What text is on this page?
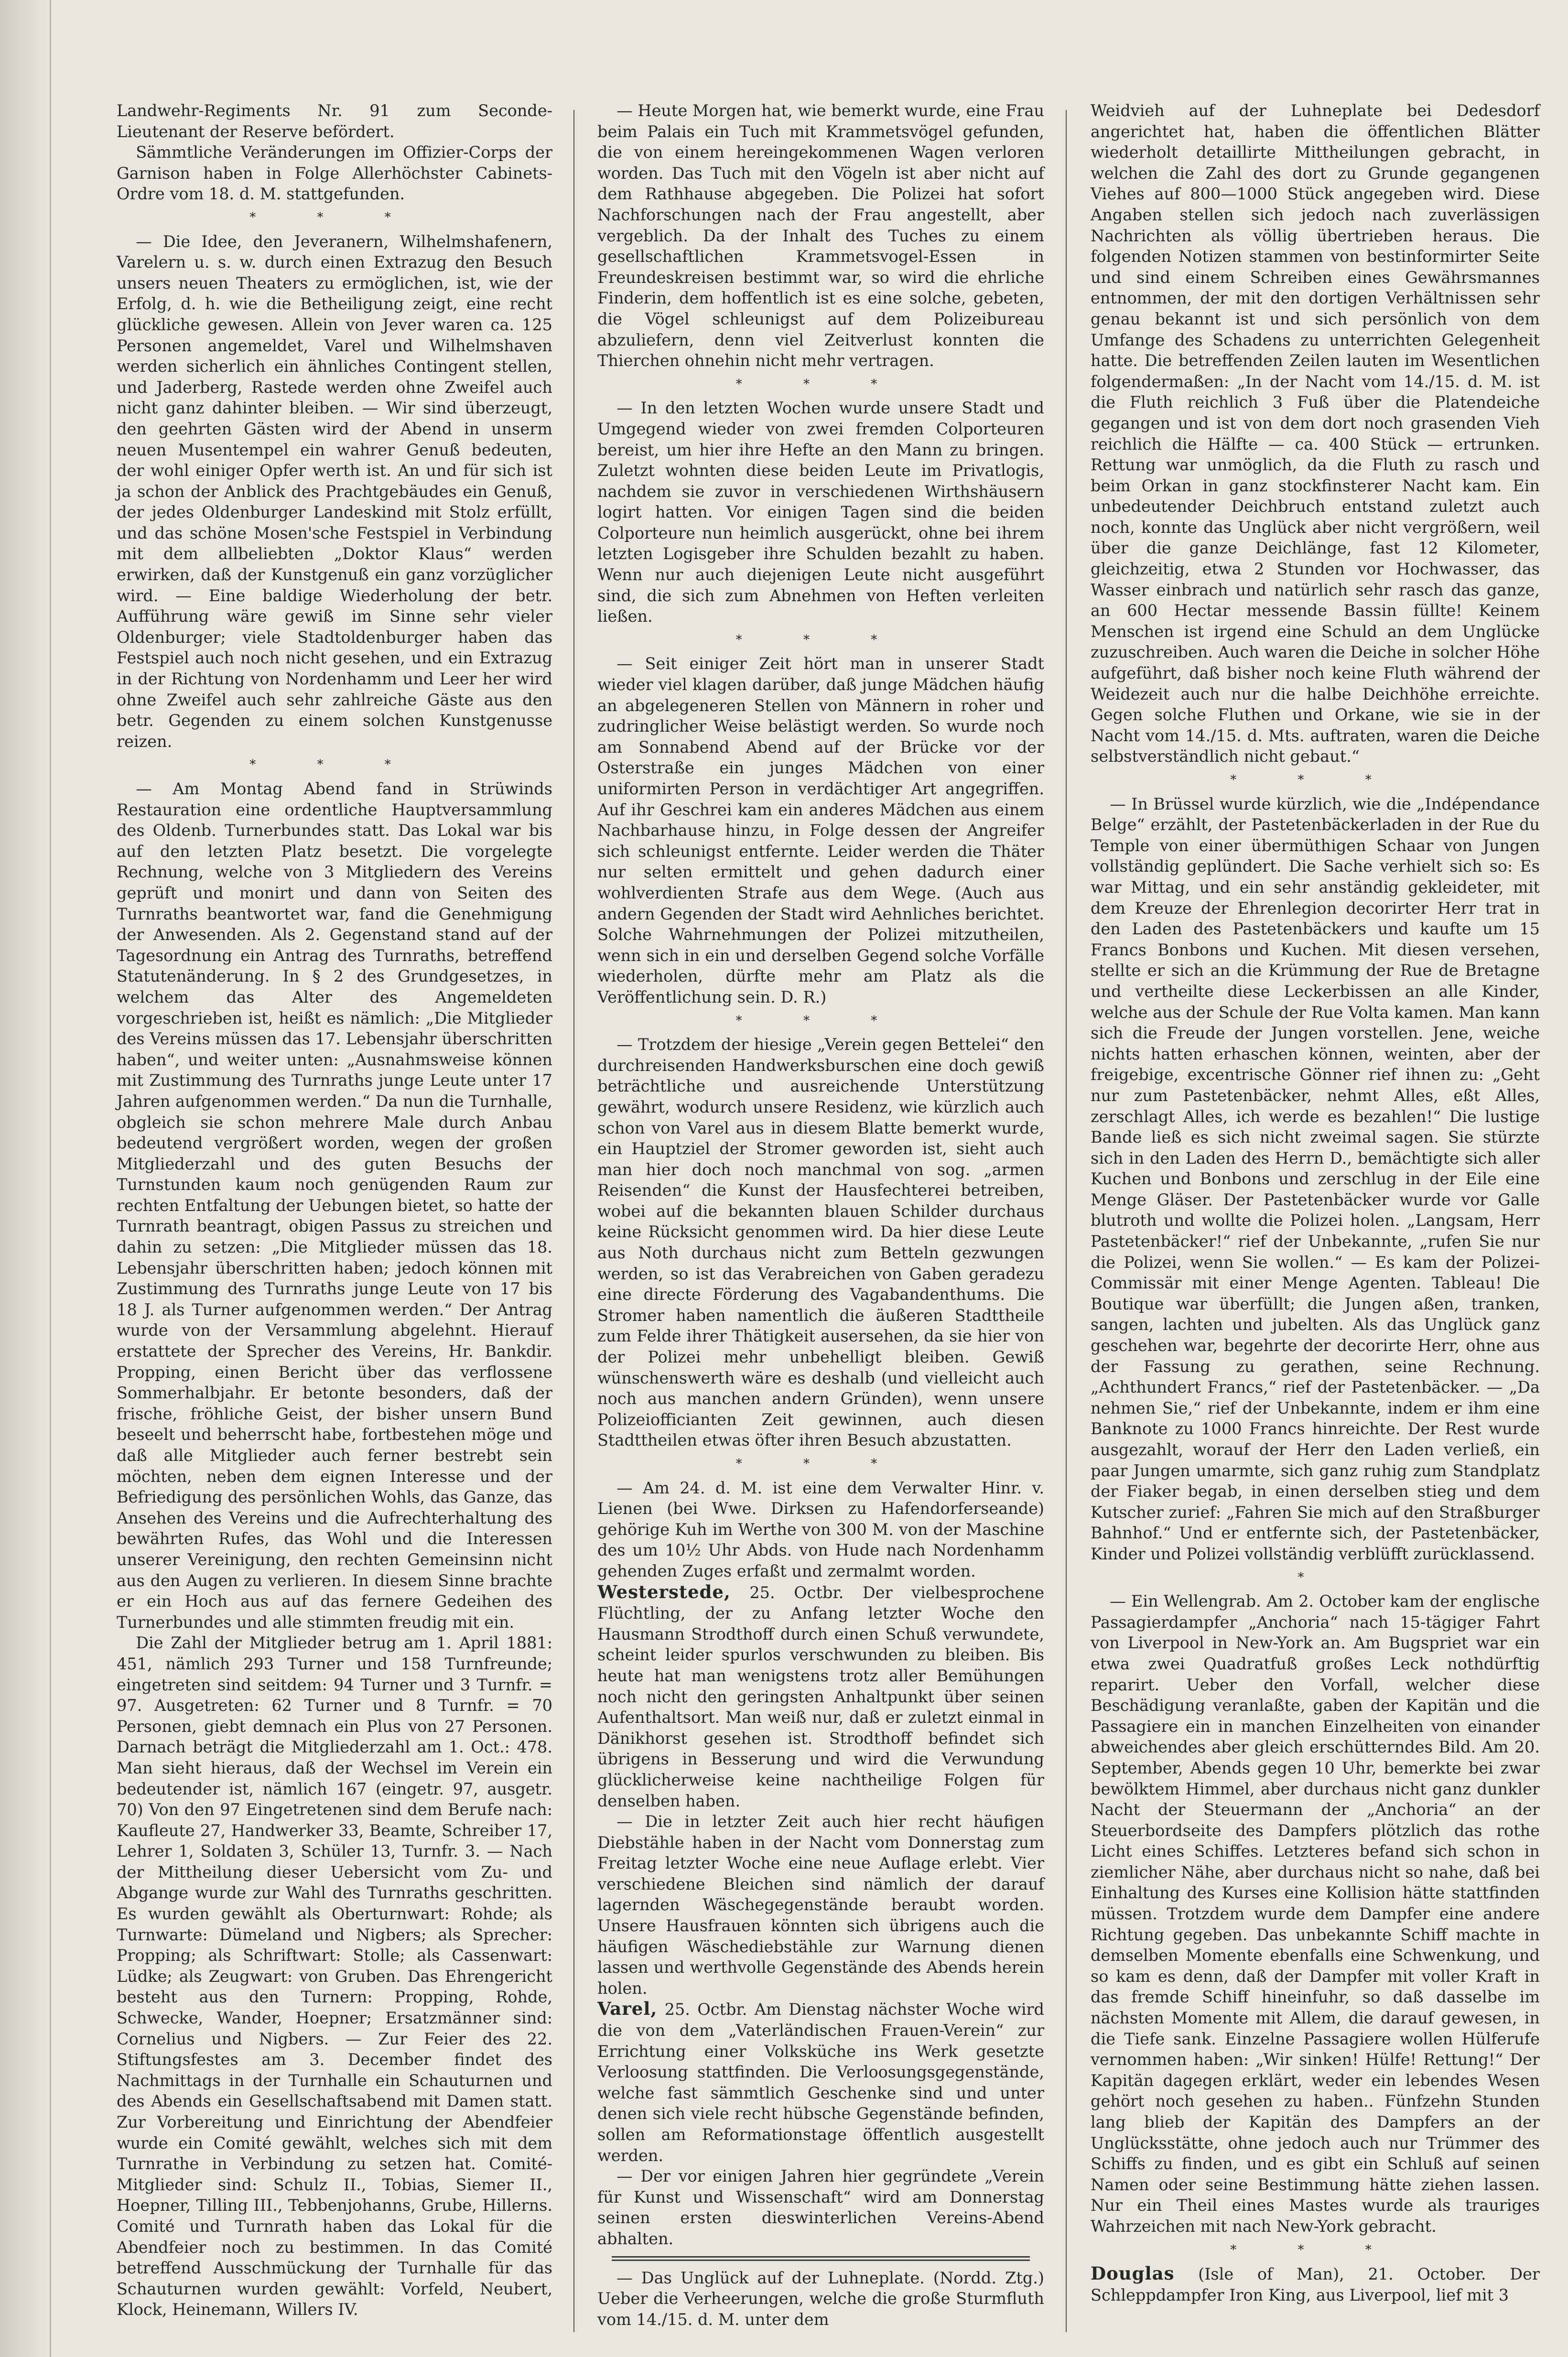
Landwehr-Regiments Nr. 91 zum Seconde-Lieutenant der Reserve befördert.

Sämmtliche Veränderungen im Offizier-Corps der Garnison haben in Folge Allerhöchster Cabinets-Ordre vom 18. d. M. stattgefunden.

* * *

— Die Idee, den Jeveranern, Wilhelmshafenern, Varelern u. s. w. durch einen Extrazug den Besuch unsers neuen Theaters zu ermöglichen, ist, wie der Erfolg, d. h. wie die Betheiligung zeigt, eine recht glückliche gewesen. Allein von Jever waren ca. 125 Personen angemeldet, Varel und Wilhelmshaven werden sicherlich ein ähnliches Contingent stellen, und Jaderberg, Rastede werden ohne Zweifel auch nicht ganz dahinter bleiben. — Wir sind überzeugt, den geehrten Gästen wird der Abend in unserm neuen Musentempel ein wahrer Genuß bedeuten, der wohl einiger Opfer werth ist. An und für sich ist ja schon der Anblick des Prachtgebäudes ein Genuß, der jedes Oldenburger Landeskind mit Stolz erfüllt, und das schöne Mosen'sche Festspiel in Verbindung mit dem allbeliebten „Doktor Klaus“ werden erwirken, daß der Kunstgenuß ein ganz vorzüglicher wird. — Eine baldige Wiederholung der betr. Aufführung wäre gewiß im Sinne sehr vieler Oldenburger; viele Stadtoldenburger haben das Festspiel auch noch nicht gesehen, und ein Extrazug in der Richtung von Nordenhamm und Leer her wird ohne Zweifel auch sehr zahlreiche Gäste aus den betr. Gegenden zu einem solchen Kunstgenusse reizen.

* * *

— Am Montag Abend fand in Strüwinds Restauration eine ordentliche Hauptversammlung des Oldenb. Turnerbundes statt. Das Lokal war bis auf den letzten Platz besetzt. Die vorgelegte Rechnung, welche von 3 Mitgliedern des Vereins geprüft und monirt und dann von Seiten des Turnraths beantwortet war, fand die Genehmigung der Anwesenden. Als 2. Gegenstand stand auf der Tagesordnung ein Antrag des Turnraths, betreffend Statutenänderung. In § 2 des Grundgesetzes, in welchem das Alter des Angemeldeten vorgeschrieben ist, heißt es nämlich: „Die Mitglieder des Vereins müssen das 17. Lebensjahr überschritten haben“, und weiter unten: „Ausnahmsweise können mit Zustimmung des Turnraths junge Leute unter 17 Jahren aufgenommen werden.“ Da nun die Turnhalle, obgleich sie schon mehrere Male durch Anbau bedeutend vergrößert worden, wegen der großen Mitgliederzahl und des guten Besuchs der Turnstunden kaum noch genügenden Raum zur rechten Entfaltung der Uebungen bietet, so hatte der Turnrath beantragt, obigen Passus zu streichen und dahin zu setzen: „Die Mitglieder müssen das 18. Lebensjahr überschritten haben; jedoch können mit Zustimmung des Turnraths junge Leute von 17 bis 18 J. als Turner aufgenommen werden.“ Der Antrag wurde von der Versammlung abgelehnt. Hierauf erstattete der Sprecher des Vereins, Hr. Bankdir. Propping, einen Bericht über das verflossene Sommerhalbjahr. Er betonte besonders, daß der frische, fröhliche Geist, der bisher unsern Bund beseelt und beherrscht habe, fortbestehen möge und daß alle Mitglieder auch ferner bestrebt sein möchten, neben dem eignen Interesse und der Befriedigung des persönlichen Wohls, das Ganze, das Ansehen des Vereins und die Aufrechterhaltung des bewährten Rufes, das Wohl und die Interessen unserer Vereinigung, den rechten Gemeinsinn nicht aus den Augen zu verlieren. In diesem Sinne brachte er ein Hoch aus auf das fernere Gedeihen des Turnerbundes und alle stimmten freudig mit ein.

Die Zahl der Mitglieder betrug am 1. April 1881: 451, nämlich 293 Turner und 158 Turnfreunde; eingetreten sind seitdem: 94 Turner und 3 Turnfr. = 97. Ausgetreten: 62 Turner und 8 Turnfr. = 70 Personen, giebt demnach ein Plus von 27 Personen. Darnach beträgt die Mitgliederzahl am 1. Oct.: 478. Man sieht hieraus, daß der Wechsel im Verein ein bedeutender ist, nämlich 167 (eingetr. 97, ausgetr. 70) Von den 97 Eingetretenen sind dem Berufe nach: Kaufleute 27, Handwerker 33, Beamte, Schreiber 17, Lehrer 1, Soldaten 3, Schüler 13, Turnfr. 3. — Nach der Mittheilung dieser Uebersicht vom Zu- und Abgange wurde zur Wahl des Turnraths geschritten. Es wurden gewählt als Oberturnwart: Rohde; als Turnwarte: Dümeland und Nigbers; als Sprecher: Propping; als Schriftwart: Stolle; als Cassenwart: Lüdke; als Zeugwart: von Gruben. Das Ehrengericht besteht aus den Turnern: Propping, Rohde, Schwecke, Wander, Hoepner; Ersatzmänner sind: Cornelius und Nigbers. — Zur Feier des 22. Stiftungsfestes am 3. December findet des Nachmittags in der Turnhalle ein Schauturnen und des Abends ein Gesellschaftsabend mit Damen statt. Zur Vorbereitung und Einrichtung der Abendfeier wurde ein Comité gewählt, welches sich mit dem Turnrathe in Verbindung zu setzen hat. Comité-Mitglieder sind: Schulz II., Tobias, Siemer II., Hoepner, Tilling III., Tebbenjohanns, Grube, Hillerns. Comité und Turnrath haben das Lokal für die Abendfeier noch zu bestimmen. In das Comité betreffend Ausschmückung der Turnhalle für das Schauturnen wurden gewählt: Vorfeld, Neubert, Klock, Heinemann, Willers IV.

— Heute Morgen hat, wie bemerkt wurde, eine Frau beim Palais ein Tuch mit Krammetsvögel gefunden, die von einem hereingekommenen Wagen verloren worden. Das Tuch mit den Vögeln ist aber nicht auf dem Rathhause abgegeben. Die Polizei hat sofort Nachforschungen nach der Frau angestellt, aber vergeblich. Da der Inhalt des Tuches zu einem gesellschaftlichen Krammetsvogel-Essen in Freundeskreisen bestimmt war, so wird die ehrliche Finderin, dem hoffentlich ist es eine solche, gebeten, die Vögel schleunigst auf dem Polizeibureau abzuliefern, denn viel Zeitverlust konnten die Thierchen ohnehin nicht mehr vertragen.

* * *

— In den letzten Wochen wurde unsere Stadt und Umgegend wieder von zwei fremden Colporteuren bereist, um hier ihre Hefte an den Mann zu bringen. Zuletzt wohnten diese beiden Leute im Privatlogis, nachdem sie zuvor in verschiedenen Wirthshäusern logirt hatten. Vor einigen Tagen sind die beiden Colporteure nun heimlich ausgerückt, ohne bei ihrem letzten Logisgeber ihre Schulden bezahlt zu haben. Wenn nur auch diejenigen Leute nicht ausgeführt sind, die sich zum Abnehmen von Heften verleiten ließen.

* * *

— Seit einiger Zeit hört man in unserer Stadt wieder viel klagen darüber, daß junge Mädchen häufig an abgelegeneren Stellen von Männern in roher und zudringlicher Weise belästigt werden. So wurde noch am Sonnabend Abend auf der Brücke vor der Osterstraße ein junges Mädchen von einer uniformirten Person in verdächtiger Art angegriffen. Auf ihr Geschrei kam ein anderes Mädchen aus einem Nachbarhause hinzu, in Folge dessen der Angreifer sich schleunigst entfernte. Leider werden die Thäter nur selten ermittelt und gehen dadurch einer wohlverdienten Strafe aus dem Wege. (Auch aus andern Gegenden der Stadt wird Aehnliches berichtet. Solche Wahrnehmungen der Polizei mitzutheilen, wenn sich in ein und derselben Gegend solche Vorfälle wiederholen, dürfte mehr am Platz als die Veröffentlichung sein. D. R.)

* * *

— Trotzdem der hiesige „Verein gegen Bettelei“ den durchreisenden Handwerksburschen eine doch gewiß beträchtliche und ausreichende Unterstützung gewährt, wodurch unsere Residenz, wie kürzlich auch schon von Varel aus in diesem Blatte bemerkt wurde, ein Hauptziel der Stromer geworden ist, sieht auch man hier doch noch manchmal von sog. „armen Reisenden“ die Kunst der Hausfechterei betreiben, wobei auf die bekannten blauen Schilder durchaus keine Rücksicht genommen wird. Da hier diese Leute aus Noth durchaus nicht zum Betteln gezwungen werden, so ist das Verabreichen von Gaben geradezu eine directe Förderung des Vagabandenthums. Die Stromer haben namentlich die äußeren Stadttheile zum Felde ihrer Thätigkeit ausersehen, da sie hier von der Polizei mehr unbehelligt bleiben. Gewiß wünschenswerth wäre es deshalb (und vielleicht auch noch aus manchen andern Gründen), wenn unsere Polizeiofficianten Zeit gewinnen, auch diesen Stadttheilen etwas öfter ihren Besuch abzustatten.

* * *

— Am 24. d. M. ist eine dem Verwalter Hinr. v. Lienen (bei Wwe. Dirksen zu Hafendorferseande) gehörige Kuh im Werthe von 300 M. von der Maschine des um 10½ Uhr Abds. von Hude nach Nordenhamm gehenden Zuges erfaßt und zermalmt worden.

Westerstede, 25. Octbr. Der vielbesprochene Flüchtling, der zu Anfang letzter Woche den Hausmann Strodthoff durch einen Schuß verwundete, scheint leider spurlos verschwunden zu bleiben. Bis heute hat man wenigstens trotz aller Bemühungen noch nicht den geringsten Anhaltpunkt über seinen Aufenthaltsort. Man weiß nur, daß er zuletzt einmal in Dänikhorst gesehen ist. Strodthoff befindet sich übrigens in Besserung und wird die Verwundung glücklicherweise keine nachtheilige Folgen für denselben haben.

— Die in letzter Zeit auch hier recht häufigen Diebstähle haben in der Nacht vom Donnerstag zum Freitag letzter Woche eine neue Auflage erlebt. Vier verschiedene Bleichen sind nämlich der darauf lagernden Wäschegegenstände beraubt worden. Unsere Hausfrauen könnten sich übrigens auch die häufigen Wäschediebstähle zur Warnung dienen lassen und werthvolle Gegenstände des Abends herein holen.

Varel, 25. Octbr. Am Dienstag nächster Woche wird die von dem „Vaterländischen Frauen-Verein“ zur Errichtung einer Volksküche ins Werk gesetzte Verloosung stattfinden. Die Verloosungsgegenstände, welche fast sämmtlich Geschenke sind und unter denen sich viele recht hübsche Gegenstände befinden, sollen am Reformationstage öffentlich ausgestellt werden.

— Der vor einigen Jahren hier gegründete „Verein für Kunst und Wissenschaft“ wird am Donnerstag seinen ersten dieswinterlichen Vereins-Abend abhalten.

— Das Unglück auf der Luhneplate. (Nordd. Ztg.) Ueber die Verheerungen, welche die große Sturmfluth vom 14./15. d. M. unter dem

Weidvieh auf der Luhneplate bei Dedesdorf angerichtet hat, haben die öffentlichen Blätter wiederholt detaillirte Mittheilungen gebracht, in welchen die Zahl des dort zu Grunde gegangenen Viehes auf 800—1000 Stück angegeben wird. Diese Angaben stellen sich jedoch nach zuverlässigen Nachrichten als völlig übertrieben heraus. Die folgenden Notizen stammen von bestinformirter Seite und sind einem Schreiben eines Gewährsmannes entnommen, der mit den dortigen Verhältnissen sehr genau bekannt ist und sich persönlich von dem Umfange des Schadens zu unterrichten Gelegenheit hatte. Die betreffenden Zeilen lauten im Wesentlichen folgendermaßen: „In der Nacht vom 14./15. d. M. ist die Fluth reichlich 3 Fuß über die Platendeiche gegangen und ist von dem dort noch grasenden Vieh reichlich die Hälfte — ca. 400 Stück — ertrunken. Rettung war unmöglich, da die Fluth zu rasch und beim Orkan in ganz stockfinsterer Nacht kam. Ein unbedeutender Deichbruch entstand zuletzt auch noch, konnte das Unglück aber nicht vergrößern, weil über die ganze Deichlänge, fast 12 Kilometer, gleichzeitig, etwa 2 Stunden vor Hochwasser, das Wasser einbrach und natürlich sehr rasch das ganze, an 600 Hectar messende Bassin füllte! Keinem Menschen ist irgend eine Schuld an dem Unglücke zuzuschreiben. Auch waren die Deiche in solcher Höhe aufgeführt, daß bisher noch keine Fluth während der Weidezeit auch nur die halbe Deichhöhe erreichte. Gegen solche Fluthen und Orkane, wie sie in der Nacht vom 14./15. d. Mts. auftraten, waren die Deiche selbstverständlich nicht gebaut.“

* * *

— In Brüssel wurde kürzlich, wie die „Indépendance Belge“ erzählt, der Pastetenbäckerladen in der Rue du Temple von einer übermüthigen Schaar von Jungen vollständig geplündert. Die Sache verhielt sich so: Es war Mittag, und ein sehr anständig gekleideter, mit dem Kreuze der Ehrenlegion decorirter Herr trat in den Laden des Pastetenbäckers und kaufte um 15 Francs Bonbons und Kuchen. Mit diesen versehen, stellte er sich an die Krümmung der Rue de Bretagne und vertheilte diese Leckerbissen an alle Kinder, welche aus der Schule der Rue Volta kamen. Man kann sich die Freude der Jungen vorstellen. Jene, weiche nichts hatten erhaschen können, weinten, aber der freigebige, excentrische Gönner rief ihnen zu: „Geht nur zum Pastetenbäcker, nehmt Alles, eßt Alles, zerschlagt Alles, ich werde es bezahlen!“ Die lustige Bande ließ es sich nicht zweimal sagen. Sie stürzte sich in den Laden des Herrn D., bemächtigte sich aller Kuchen und Bonbons und zerschlug in der Eile eine Menge Gläser. Der Pastetenbäcker wurde vor Galle blutroth und wollte die Polizei holen. „Langsam, Herr Pastetenbäcker!“ rief der Unbekannte, „rufen Sie nur die Polizei, wenn Sie wollen.“ — Es kam der Polizei-Commissär mit einer Menge Agenten. Tableau! Die Boutique war überfüllt; die Jungen aßen, tranken, sangen, lachten und jubelten. Als das Unglück ganz geschehen war, begehrte der decorirte Herr, ohne aus der Fassung zu gerathen, seine Rechnung. „Achthundert Francs,“ rief der Pastetenbäcker. — „Da nehmen Sie,“ rief der Unbekannte, indem er ihm eine Banknote zu 1000 Francs hinreichte. Der Rest wurde ausgezahlt, worauf der Herr den Laden verließ, ein paar Jungen umarmte, sich ganz ruhig zum Standplatz der Fiaker begab, in einen derselben stieg und dem Kutscher zurief: „Fahren Sie mich auf den Straßburger Bahnhof.“ Und er entfernte sich, der Pastetenbäcker, Kinder und Polizei vollständig verblüfft zurücklassend.

*

— Ein Wellengrab. Am 2. October kam der englische Passagierdampfer „Anchoria“ nach 15-tägiger Fahrt von Liverpool in New-York an. Am Bugspriet war ein etwa zwei Quadratfuß großes Leck nothdürftig reparirt. Ueber den Vorfall, welcher diese Beschädigung veranlaßte, gaben der Kapitän und die Passagiere ein in manchen Einzelheiten von einander abweichendes aber gleich erschütterndes Bild. Am 20. September, Abends gegen 10 Uhr, bemerkte bei zwar bewölktem Himmel, aber durchaus nicht ganz dunkler Nacht der Steuermann der „Anchoria“ an der Steuerbordseite des Dampfers plötzlich das rothe Licht eines Schiffes. Letzteres befand sich schon in ziemlicher Nähe, aber durchaus nicht so nahe, daß bei Einhaltung des Kurses eine Kollision hätte stattfinden müssen. Trotzdem wurde dem Dampfer eine andere Richtung gegeben. Das unbekannte Schiff machte in demselben Momente ebenfalls eine Schwenkung, und so kam es denn, daß der Dampfer mit voller Kraft in das fremde Schiff hineinfuhr, so daß dasselbe im nächsten Momente mit Allem, die darauf gewesen, in die Tiefe sank. Einzelne Passagiere wollen Hülferufe vernommen haben: „Wir sinken! Hülfe! Rettung!“ Der Kapitän dagegen erklärt, weder ein lebendes Wesen gehört noch gesehen zu haben.. Fünfzehn Stunden lang blieb der Kapitän des Dampfers an der Unglücksstätte, ohne jedoch auch nur Trümmer des Schiffs zu finden, und es gibt ein Schluß auf seinen Namen oder seine Bestimmung hätte ziehen lassen. Nur ein Theil eines Mastes wurde als trauriges Wahrzeichen mit nach New-York gebracht.

* * *

Douglas (Isle of Man), 21. October. Der Schleppdampfer Iron King, aus Liverpool, lief mit 3
